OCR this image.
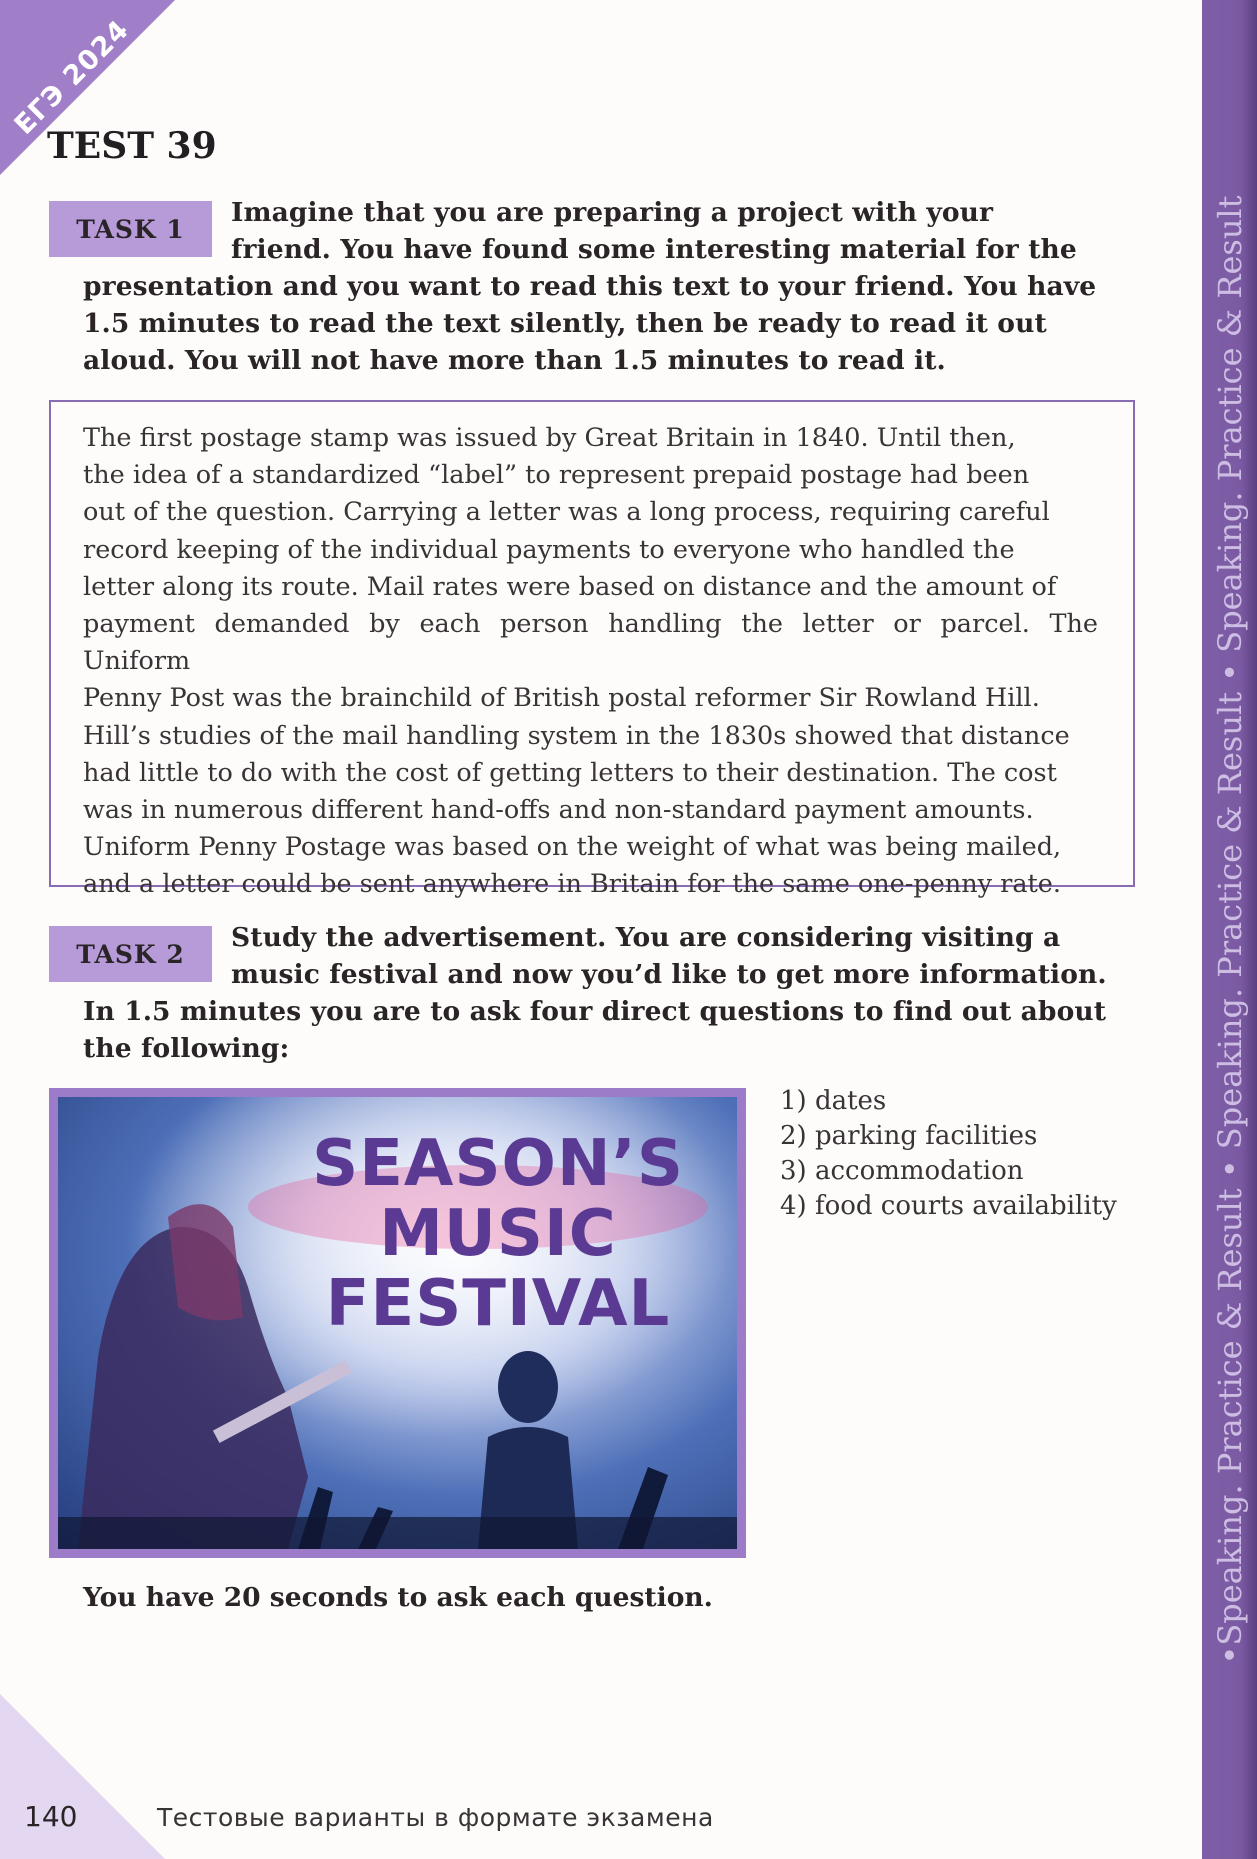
ЕГЭ 2024
•Speaking. Practice & Result • Speaking. Practice & Result • Speaking. Practice & Result
TEST 39
TASK 1
Imagine that you are preparing a project with your
friend. You have found some interesting material for the
presentation and you want to read this text to your friend. You have
1.5 minutes to read the text silently, then be ready to read it out
aloud. You will not have more than 1.5 minutes to read it.
The first postage stamp was issued by Great Britain in 1840. Until then,
the idea of a standardized “label” to represent prepaid postage had been
out of the question. Carrying a letter was a long process, requiring careful
record keeping of the individual payments to everyone who handled the
letter along its route. Mail rates were based on distance and the amount of
payment demanded by each person handling the letter or parcel. The Uniform
Penny Post was the brainchild of British postal reformer Sir Rowland Hill.
Hill’s studies of the mail handling system in the 1830s showed that distance
had little to do with the cost of getting letters to their destination. The cost
was in numerous different hand-offs and non-standard payment amounts.
Uniform Penny Postage was based on the weight of what was being mailed,
and a letter could be sent anywhere in Britain for the same one-penny rate.
TASK 2
Study the advertisement. You are considering visiting a
music festival and now you’d like to get more information.
In 1.5 minutes you are to ask four direct questions to find out about
the following:
SEASON’S
MUSIC
FESTIVAL
1) dates
2) parking facilities
3) accommodation
4) food courts availability
You have 20 seconds to ask each question.
140	Тестовые варианты в формате экзамена
